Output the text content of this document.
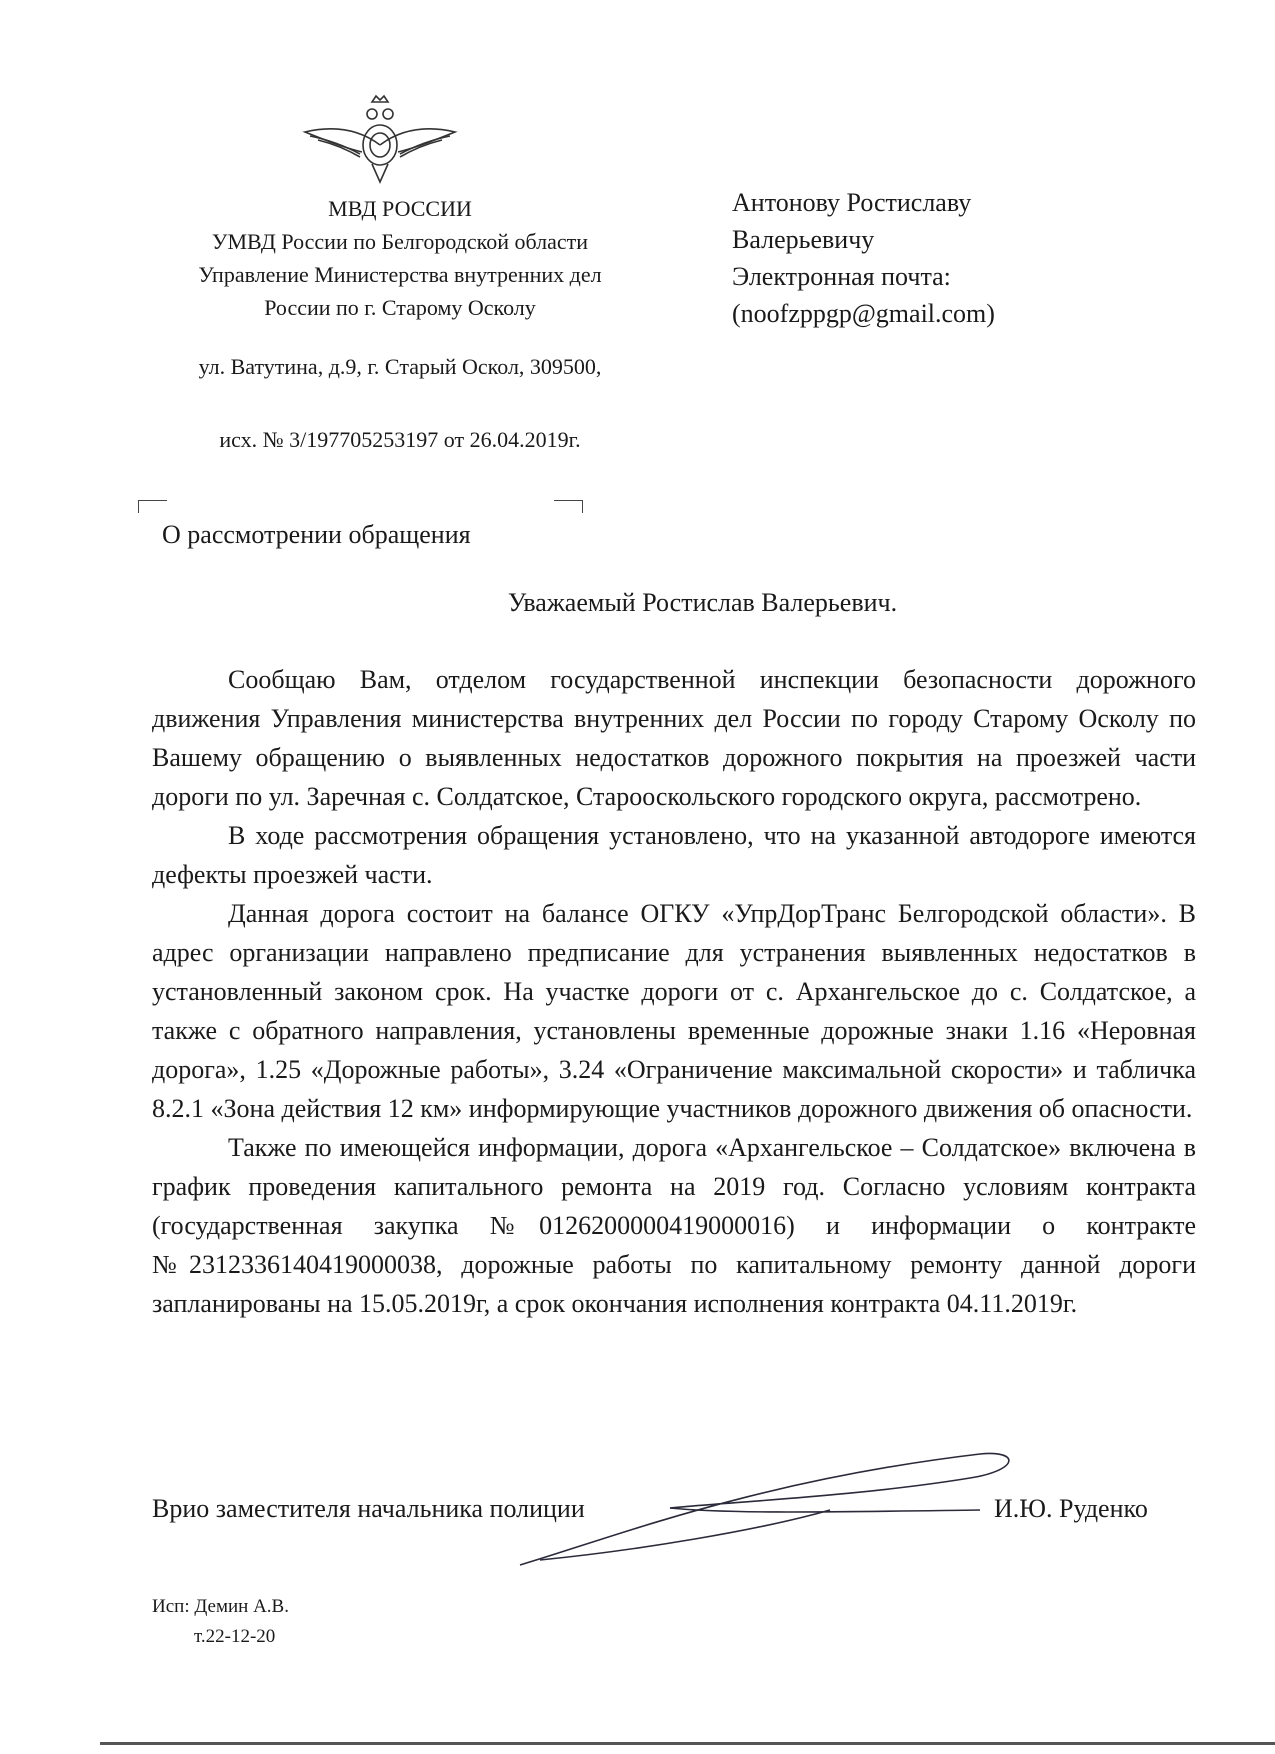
МВД РОССИИ
УМВД России по Белгородской области
Управление Министерства внутренних дел
России по г. Старому Осколу
ул. Ватутина, д.9, г. Старый Оскол, 309500,
исх. № 3/197705253197 от 26.04.2019г.
Антонову Ростиславу
Валерьевичу
Электронная почта:
(noofzppgp@gmail.com)
О рассмотрении обращения
Уважаемый Ростислав Валерьевич.

Сообщаю Вам, отделом государственной инспекции безопасности дорожного движения Управления министерства внутренних дел России по городу Старому Осколу по Вашему обращению о выявленных недостатков дорожного покрытия на проезжей части дороги по ул. Заречная с. Солдатское, Старооскольского городского округа, рассмотрено.

В ходе рассмотрения обращения установлено, что на указанной автодороге имеются дефекты проезжей части.

Данная дорога состоит на балансе ОГКУ «УпрДорТранс Белгородской области». В адрес организации направлено предписание для устранения выявленных недостатков в установленный законом срок. На участке дороги от с. Архангельское до с. Солдатское, а также с обратного направления, установлены временные дорожные знаки 1.16 «Неровная дорога», 1.25 «Дорожные работы», 3.24 «Ограничение максимальной скорости» и табличка 8.2.1 «Зона действия 12 км» информирующие участников дорожного движения об опасности.

Также по имеющейся информации, дорога «Архангельское – Солдатское» включена в график проведения капитального ремонта на 2019 год. Согласно условиям контракта (государственная закупка №0126200000419000016) и информации о контракте №2312336140419000038, дорожные работы по капитальному ремонту данной дороги запланированы на 15.05.2019г, а срок окончания исполнения контракта 04.11.2019г.

Врио заместителя начальника полиции	И.Ю. Руденко
Исп: Демин А.В.
т.22-12-20
